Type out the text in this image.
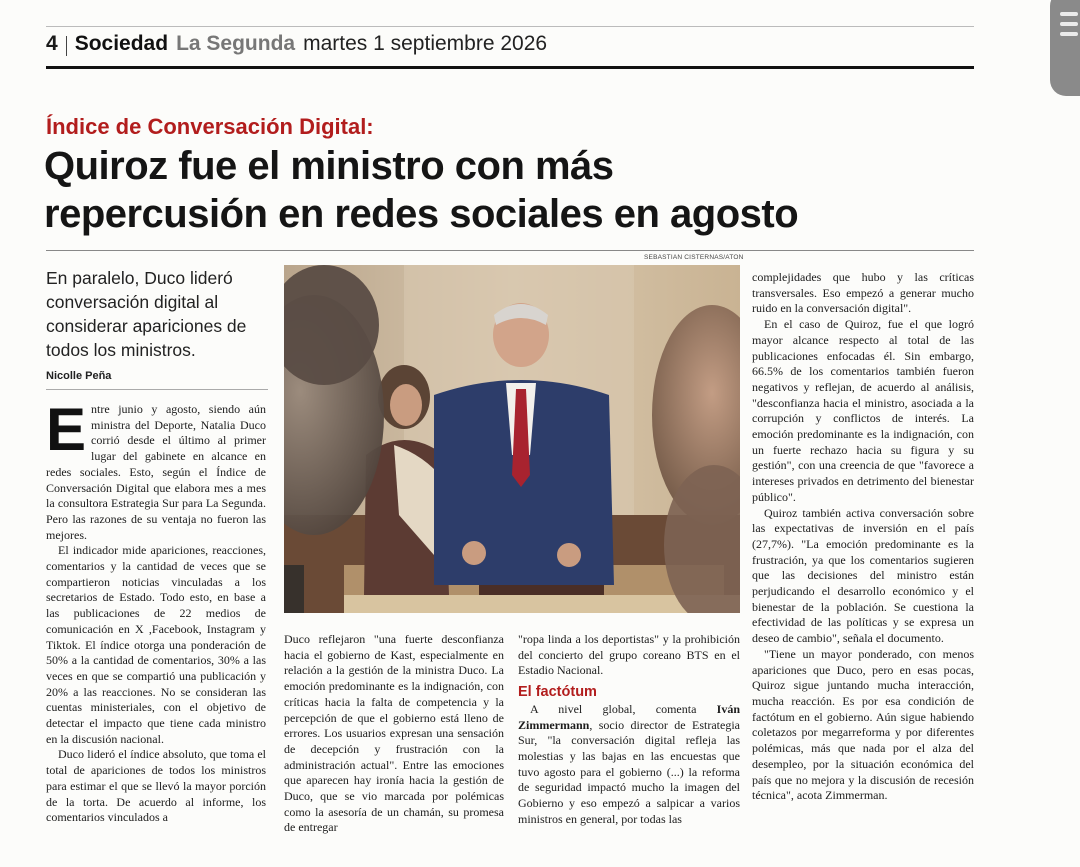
4 Sociedad La Segunda martes 1 septiembre 2026
Índice de Conversación Digital:
Quiroz fue el ministro con más
repercusión en redes sociales en agosto
En paralelo, Duco lideró conversación digital al considerar apariciones de todos los ministros.
Nicolle Peña
SEBASTIAN CISTERNAS/ATON

Entre junio y agosto, siendo aún ministra del Deporte, Natalia Duco corrió desde el último al primer lugar del gabinete en alcance en redes sociales. Esto, según el Índice de Conversación Digital que elabora mes a mes la consultora Estrategia Sur para La Segunda. Pero las razones de su ventaja no fueron las mejores.

El indicador mide apariciones, reacciones, comentarios y la cantidad de veces que se compartieron noticias vinculadas a los secretarios de Estado. Todo esto, en base a las publicaciones de 22 medios de comunicación en X ,Facebook, Instagram y Tiktok. El índice otorga una ponderación de 50% a la cantidad de comentarios, 30% a las veces en que se compartió una publicación y 20% a las reacciones. No se consideran las cuentas ministeriales, con el objetivo de detectar el impacto que tiene cada ministro en la discusión nacional.

Duco lideró el índice absoluto, que toma el total de apariciones de todos los ministros para estimar el que se llevó la mayor porción de la torta. De acuerdo al informe, los comentarios vinculados a

Duco reflejaron "una fuerte desconfianza hacia el gobierno de Kast, especialmente en relación a la gestión de la ministra Duco. La emoción predominante es la indignación, con críticas hacia la falta de competencia y la percepción de que el gobierno está lleno de errores. Los usuarios expresan una sensación de decepción y frustración con la administración actual". Entre las emociones que aparecen hay ironía hacia la gestión de Duco, que se vio marcada por polémicas como la asesoría de un chamán, su promesa de entregar

"ropa linda a los deportistas" y la prohibición del concierto del grupo coreano BTS en el Estadio Nacional.

El factótum

A nivel global, comenta Iván Zimmermann, socio director de Estrategia Sur, "la conversación digital refleja las molestias y las bajas en las encuestas que tuvo agosto para el gobierno (...) la reforma de seguridad impactó mucho la imagen del Gobierno y eso empezó a salpicar a varios ministros en general, por todas las

complejidades que hubo y las críticas transversales. Eso empezó a generar mucho ruido en la conversación digital".

En el caso de Quiroz, fue el que logró mayor alcance respecto al total de las publicaciones enfocadas él. Sin embargo, 66.5% de los comentarios también fueron negativos y reflejan, de acuerdo al análisis, "desconfianza hacia el ministro, asociada a la corrupción y conflictos de interés. La emoción predominante es la indignación, con un fuerte rechazo hacia su figura y su gestión", con una creencia de que "favorece a intereses privados en detrimento del bienestar público".

Quiroz también activa conversación sobre las expectativas de inversión en el país (27,7%). "La emoción predominante es la frustración, ya que los comentarios sugieren que las decisiones del ministro están perjudicando el desarrollo económico y el bienestar de la población. Se cuestiona la efectividad de las políticas y se expresa un deseo de cambio", señala el documento.

"Tiene un mayor ponderado, con menos apariciones que Duco, pero en esas pocas, Quiroz sigue juntando mucha interacción, mucha reacción. Es por esa condición de factótum en el gobierno. Aún sigue habiendo coletazos por megarreforma y por diferentes polémicas, más que nada por el alza del desempleo, por la situación económica del país que no mejora y la discusión de recesión técnica", acota Zimmerman.
